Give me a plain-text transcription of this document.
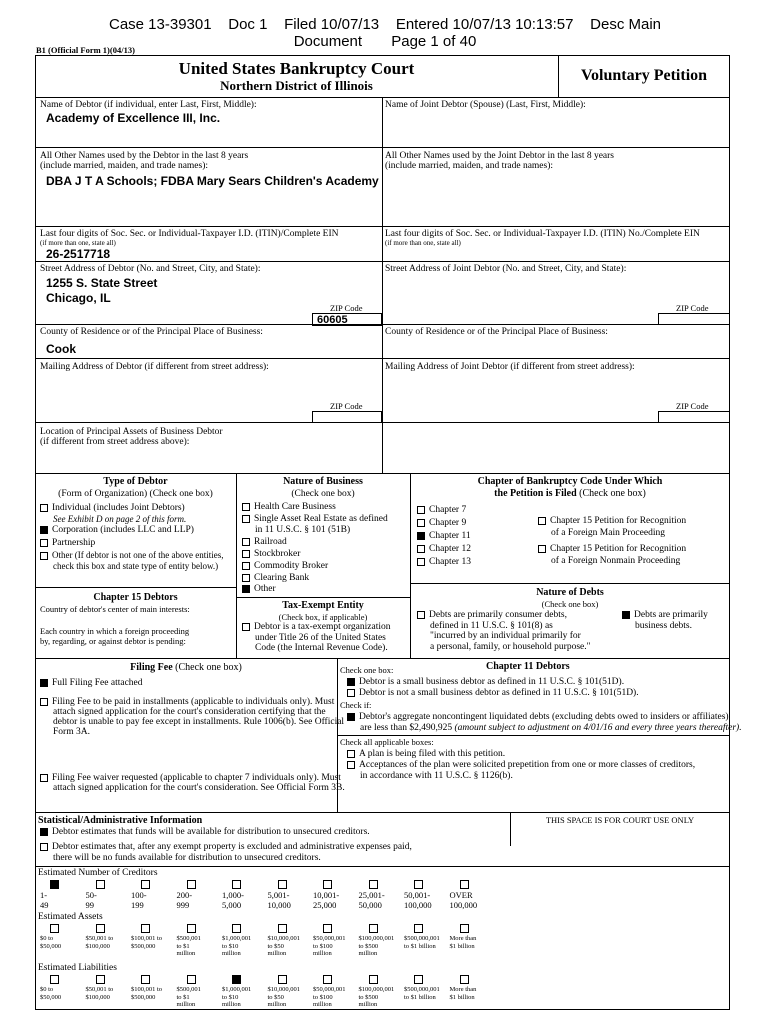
Case 13-39301    Doc 1    Filed 10/07/13    Entered 10/07/13 10:13:57    Desc Main
Document       Page 1 of 40
B1 (Official Form 1)(04/13)
United States Bankruptcy Court
Northern District of Illinois
Voluntary Petition
Name of Debtor (if individual, enter Last, First, Middle):
Academy of Excellence III, Inc.
Name of Joint Debtor (Spouse) (Last, First, Middle):
All Other Names used by the Debtor in the last 8 years
(include married, maiden, and trade names):
DBA J T A Schools; FDBA Mary Sears Children's Academy
All Other Names used by the Joint Debtor in the last 8 years
(include married, maiden, and trade names):
Last four digits of Soc. Sec. or Individual-Taxpayer I.D. (ITIN)/Complete EIN
(if more than one, state all)
26-2517718
Last four digits of Soc. Sec. or Individual-Taxpayer I.D. (ITIN) No./Complete EIN
(if more than one, state all)
Street Address of Debtor (No. and Street, City, and State):
1255 S. State Street
Chicago, IL
ZIP Code
60605
Street Address of Joint Debtor (No. and Street, City, and State):
ZIP Code
County of Residence or of the Principal Place of Business:
Cook
County of Residence or of the Principal Place of Business:
Mailing Address of Debtor (if different from street address):
ZIP Code
Mailing Address of Joint Debtor (if different from street address):
ZIP Code
Location of Principal Assets of Business Debtor
(if different from street address above):
Type of Debtor
(Form of Organization) (Check one box)
Individual (includes Joint Debtors)
See Exhibit D on page 2 of this form.
Corporation (includes LLC and LLP)
Partnership
Other (If debtor is not one of the above entities,
check this box and state type of entity below.)
Chapter 15 Debtors
Country of debtor's center of main interests:
Each country in which a foreign proceeding
by, regarding, or against debtor is pending:
Nature of Business
(Check one box)
Health Care Business
Single Asset Real Estate as defined
in 11 U.S.C. § 101 (51B)
Railroad
Stockbroker
Commodity Broker
Clearing Bank
Other
Tax-Exempt Entity
(Check box, if applicable)
Debtor is a tax-exempt organization
under Title 26 of the United States
Code (the Internal Revenue Code).
Chapter of Bankruptcy Code Under Which
the Petition is Filed (Check one box)
Chapter 7
Chapter 9
Chapter 11
Chapter 12
Chapter 13
Chapter 15 Petition for Recognition
of a Foreign Main Proceeding
Chapter 15 Petition for Recognition
of a Foreign Nonmain Proceeding
Nature of Debts
(Check one box)
Debts are primarily consumer debts,
defined in 11 U.S.C. § 101(8) as
"incurred by an individual primarily for
a personal, family, or household purpose."
Debts are primarily
business debts.
Filing Fee (Check one box)
Full Filing Fee attached
Filing Fee to be paid in installments (applicable to individuals only). Must
attach signed application for the court's consideration certifying that the
debtor is unable to pay fee except in installments. Rule 1006(b). See Official
Form 3A.
Filing Fee waiver requested (applicable to chapter 7 individuals only). Must
attach signed application for the court's consideration. See Official Form 3B.
Check one box:	Chapter 11 Debtors
Debtor is a small business debtor as defined in 11 U.S.C. § 101(51D).
Debtor is not a small business debtor as defined in 11 U.S.C. § 101(51D).
Check if:
Debtor's aggregate noncontingent liquidated debts (excluding debts owed to insiders or affiliates)
are less than $2,490,925 (amount subject to adjustment on 4/01/16 and every three years thereafter).
Check all applicable boxes:
A plan is being filed with this petition.
Acceptances of the plan were solicited prepetition from one or more classes of creditors,
in accordance with 11 U.S.C. § 1126(b).
Statistical/Administrative Information	THIS SPACE IS FOR COURT USE ONLY
Debtor estimates that funds will be available for distribution to unsecured creditors.
Debtor estimates that, after any exempt property is excluded and administrative expenses paid,
there will be no funds available for distribution to unsecured creditors.
Estimated Number of Creditors
1-
49
50-
99
100-
199
200-
999
1,000-
5,000
5,001-
10,000
10,001-
25,000
25,001-
50,000
50,001-
100,000
OVER
100,000
Estimated Assets
$0 to
$50,000
$50,001 to
$100,000
$100,001 to
$500,000
$500,001
to $1
million
$1,000,001
to $10
million
$10,000,001
to $50
million
$50,000,001
to $100
million
$100,000,001
to $500
million
$500,000,001
to $1 billion
More than
$1 billion
Estimated Liabilities
$0 to
$50,000
$50,001 to
$100,000
$100,001 to
$500,000
$500,001
to $1
million
$1,000,001
to $10
million
$10,000,001
to $50
million
$50,000,001
to $100
million
$100,000,001
to $500
million
$500,000,001
to $1 billion
More than
$1 billion
